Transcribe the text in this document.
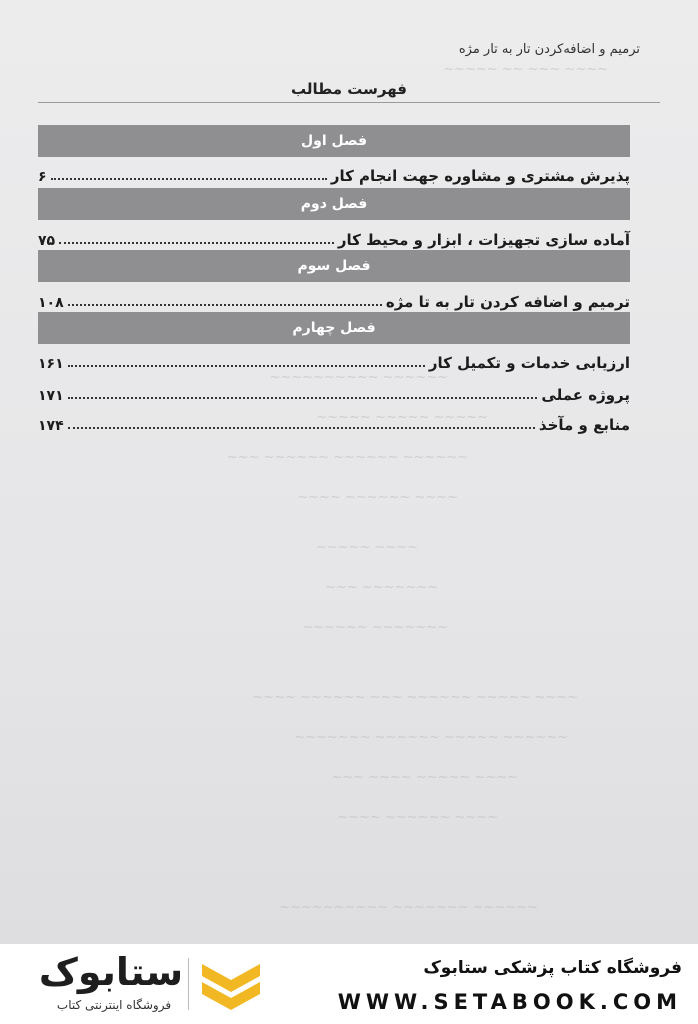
~~~~ ~~~ ~~ ~~~~~
~~~~~~ ~~~~~~~~~~
~~~~~ ~~~~~ ~~~~~
~~~~~~ ~~~~~~ ~~~~~~ ~~~
~~~~ ~~~~~~ ~~~~
~~~~ ~~~~~
~~~~~~~ ~~~
~~~~~~~ ~~~~~~
~~~~ ~~~~~ ~~~~~~ ~~~ ~~~~~~ ~~~~
~~~~~~ ~~~~~ ~~~~~~ ~~~~~~~
~~~~ ~~~~~ ~~~~ ~~~
~~~~ ~~~~~~ ~~~~
~~~~~~ ~~~~~~~ ~~~~~~~~~~
ترمیم و اضافه‌کردن تار به تار مژه
فهرست مطالب
فصل اول
پذیرش مشتری و مشاوره جهت انجام کار
۶
فصل دوم
آماده سازی تجهیزات ، ابزار و محیط کار
۷۵
فصل سوم
ترمیم و اضافه کردن تار به تا مژه
۱۰۸
فصل چهارم
ارزیابی خدمات و تکمیل کار
۱۶۱
پروژه عملی
۱۷۱
منابع و مآخذ
۱۷۴
فروشگاه کتاب پزشکی ستابوک
WWW.SETABOOK.COM
ستابوک
فروشگاه اینترنتی کتاب
